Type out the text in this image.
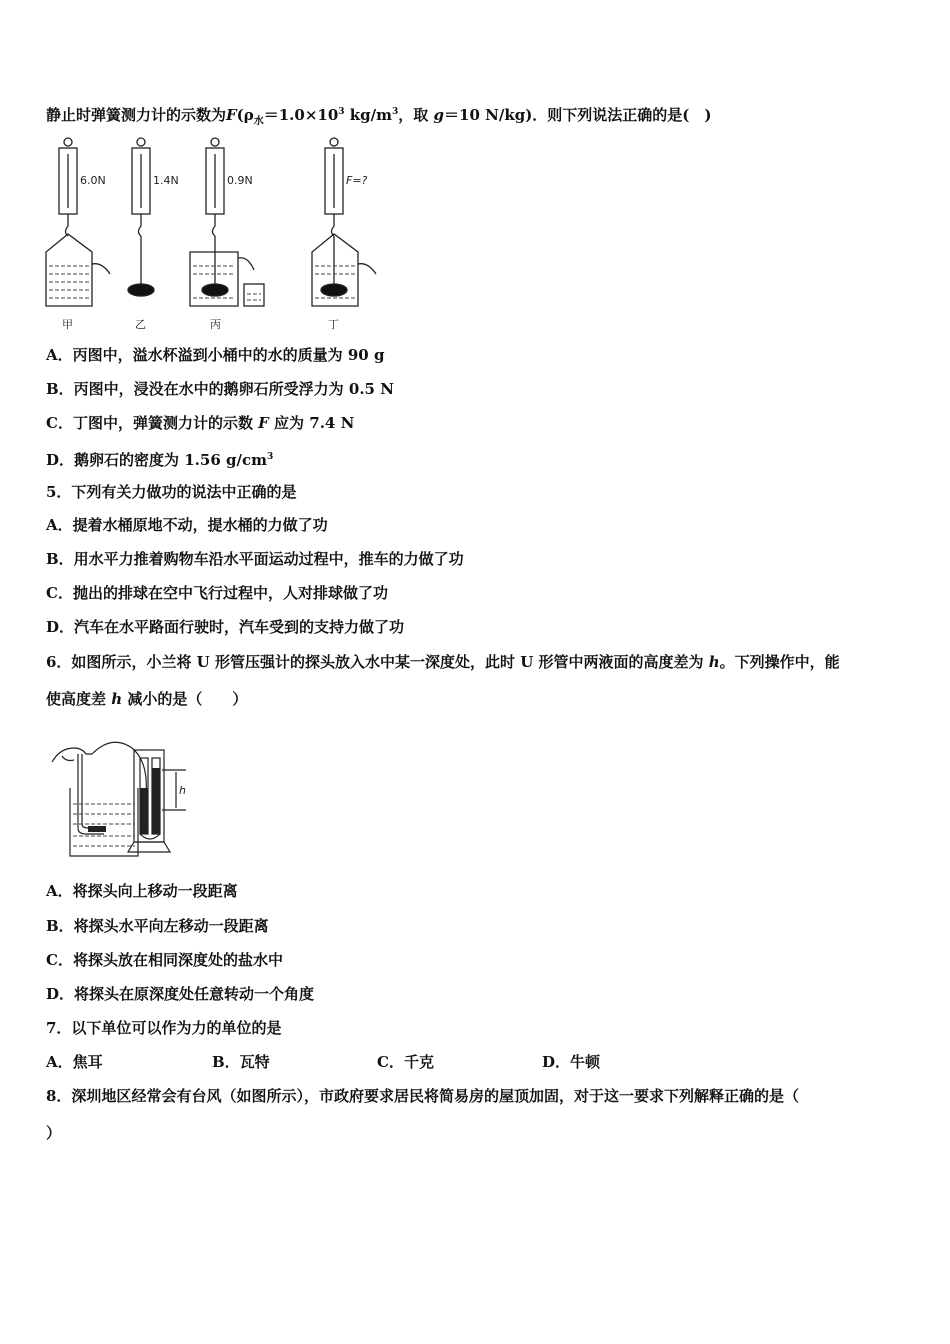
静止时弹簧测力计的示数为$F(\rho_水=1.0\times 10^3$ $kg/m^3$，取 g＝10 N/kg)．则下列说法正确的是(　)
6.0N	1.4N	0.9N	F=?
甲	乙	丙	丁
A．丙图中，溢水杯溢到小桶中的水的质量为 90 g
B．丙图中，浸没在水中的鹅卵石所受浮力为 0.5 N
C．丁图中，弹簧测力计的示数 F 应为 7.4 N
D．鹅卵石的密度为 1.56 $g/cm^3$
5．下列有关力做功的说法中正确的是
A．提着水桶原地不动，提水桶的力做了功
B．用水平力推着购物车沿水平面运动过程中，推车的力做了功
C．抛出的排球在空中飞行过程中，人对排球做了功
D．汽车在水平路面行驶时，汽车受到的支持力做了功
6．如图所示，小兰将 U 形管压强计的探头放入水中某一深度处，此时 U 形管中两液面的高度差为 h。下列操作中，能
使高度差 h 减小的是（　　）
h
A．将探头向上移动一段距离
B．将探头水平向左移动一段距离
C．将探头放在相同深度处的盐水中
D．将探头在原深度处任意转动一个角度
7．以下单位可以作为力的单位的是
A．焦耳	B．瓦特	C．千克	D．牛顿
8．深圳地区经常会有台风（如图所示），市政府要求居民将简易房的屋顶加固，对于这一要求下列解释正确的是（
）
